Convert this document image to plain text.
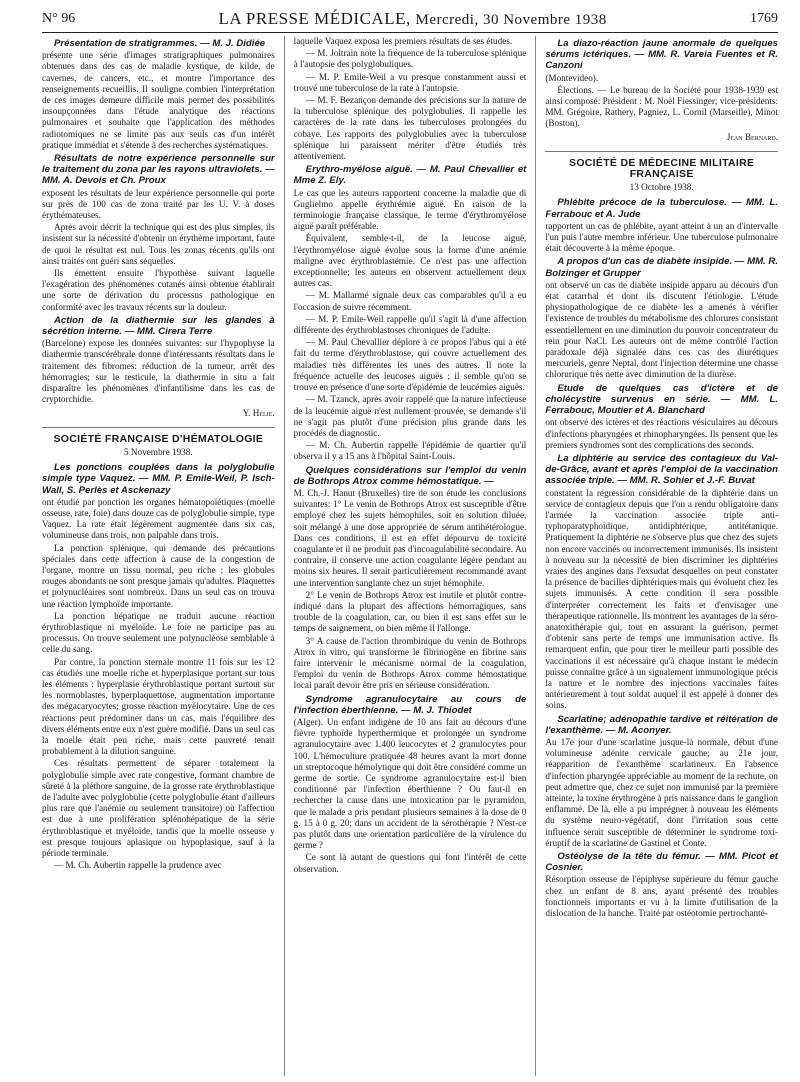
N° 96	LA PRESSE MÉDICALE, Mercredi, 30 Novembre 1938	1769
Présentation de stratigrammes. — M. J. Didiée

présente une série d'images stratigraphiques pulmonaires obtenues dans des cas de maladie kystique, de kilde, de cavernes, de cancers, etc., et montre l'importance des renseignements recueillis. Il souligne combien l'interprétation de ces images demeure difficile mais permet des possibilités insoupçonnées dans l'étude analytique des réactions pulmonaires et souhaite que l'application des méthodes radiotomiques ne se limite pas aux seuls cas d'un intérêt pratique immédiat et s'étende à des recherches systématiques.

Résultats de notre expérience personnelle sur le traitement du zona par les rayons ultraviolets. — MM. A. Devois et Ch. Proux

exposent les résultats de leur expérience personnelle qui porte sur près de 100 cas de zona traité par les U. V. à doses érythémateuses.

Après avoir décrit la technique qui est des plus simples, ils insistent sur la nécessité d'obtenir un érythème important, faute de quoi le résultat est nul. Tous les zonas récents qu'ils ont ainsi traités ont guéri sans séquelles.

Ils émettent ensuite l'hypothèse suivant laquelle l'exagération des phénomènes cutanés ainsi obtenue établirait une sorte de dérivation du processus pathologique en conformité avec les travaux récents sur la douleur.

Action de la diathermie sur les glandes à sécrétion interne. — MM. Cirera Terre

(Barcelone) expose les données suivantes: sur l'hypophyse la diathermie transcérébrale donne d'intéressants résultats dans le traitement des fibromes: réduction de la tumeur, arrêt des hémorragies; sur le testicule, la diathermie in situ a fait disparaître les phénomènes d'infantilisme dans les cas de cryptorchidie.

Y. Hélie.
SOCIÉTÉ FRANÇAISE D'HÉMATOLOGIE
5 Novembre 1938.
Les ponctions couplées dans la polyglobulie simple type Vaquez. — MM. P. Emile-Weil, P. Isch-Wall, S. Perlès et Asckenazy

ont étudié par ponction les organes hématopoïétiques (moelle osseuse, rate, foie) dans douze cas de polyglobulie simple, type Vaquez. La rate était légèrement augmentée dans six cas, volumineuse dans trois, non palpable dans trois.

La ponction splénique, qui demande des précautions spéciales dans cette affection à cause de la congestion de l'organe, montre un tissu normal, peu riche ; les globules rouges abondants ne sont presque jamais qu'adultes. Plaquettes et polynucléaires sont nombreux. Dans un seul cas on trouva une réaction lymphoïde importante.

La ponction hépatique ne traduit aucune réaction érythroblastique ni myéloïde. Le foie ne participe pas au processus. On trouve seulement une polynucléose semblable à celle du sang.

Par contre, la ponction sternale montre 11 fois sur les 12 cas étudiés une moelle riche et hyperplasique portant sur tous les éléments : hyperplasie érythroblastique portant surtout sur les normoblastes, hyperplaquettose, augmentation importante des mégacaryocytes; grosse réaction myélocytaire. Une de ces réactions peut prédominer dans un cas, mais l'équilibre des divers éléments entre eux n'est guère modifié. Dans un seul cas la moelle était peu riche, mais cette pauvreté tenait probablement à la dilution sanguine.

Ces résultats permettent de séparer totalement la polyglobulie simple avec rate congestive, formant chambre de sûreté à la pléthore sanguine, de la grosse rate érythroblastique de l'adulte avec polyglobulie (cette polyglobulie étant d'ailleurs plus rare que l'anémie ou seulement transitoire) où l'affection est due à une prolifération splénohépatique de la série érythroblastique et myéloïde, tandis que la moelle osseuse y est presque toujours aplasique ou hypoplasique, sauf à la période terminale.

— M. Ch. Aubertin rappelle la prudence avec

laquelle Vaquez exposa les premiers résultats de ses études.

— M. Joltrain note la fréquence de la tuberculose splénique à l'autopsie des polyglobuliques.

— M. P. Emile-Weil a vu presque constamment aussi et trouvé une tuberculose de la rate à l'autopsie.

— M. F. Bezançon demande des précisions sur la nature de la tuberculose splénique des polyglobulies. Il rappelle les caractères de la rate dans les tuberculoses prolongées du cobaye. Les rapports des polyglobulies avec la tuberculose splénique lui paraissent mériter d'être étudiés très attentivement.

Erythro-myélose aiguë. — M. Paul Chevallier et Mme Z. Ely.

Le cas que les auteurs rapportent concerne la maladie que di Guglielmo appelle érythrémie aiguë. En raison de la terminologie française classique, le terme d'érythromyélose aiguë paraît préférable.

Équivalent, semble-t-il, de la leucose aiguë, l'érythromyélose aiguë évolue sous la forme d'une anémie maligne avec érythroblastémie. Ce n'est pas une affection exceptionnelle; les auteurs en observent actuellement deux autres cas.

— M. Mallarmé signale deux cas comparables qu'il a eu l'occasion de suivre récemment.

— M. P. Emile-Weil rappelle qu'il s'agit là d'une affection différente des érythroblastoses chroniques de l'adulte.

— M. Paul Chevallier déplore à ce propos l'abus qui a été fait du terme d'érythroblastose, qui couvre actuellement des maladies très différentes les unes des autres. Il note la fréquence actuelle des leucoses aiguës ; il semble qu'on se trouve en présence d'une sorte d'épidémie de leucémies aiguës.

— M. Tzanck, après avoir rappelé que la nature infectieuse de la leucémie aiguë n'est nullement prouvée, se demande s'il ne s'agit pas plutôt d'une précision plus grande dans les procédés de diagnostic.

— M. Ch. Aubertin rappelle l'épidémie de quartier qu'il observa il y a 15 ans à l'hôpital Saint-Louis.

Quelques considérations sur l'emploi du venin de Bothrops Atrox comme hémostatique. —

M. Ch.-J. Hanut (Bruxelles) tire de son étude les conclusions suivantes: 1° Le venin de Bothrops Atrox est susceptible d'être employé chez les sujets hémophiles, soit en solution diluée, soit mélangé à une dose appropriée de sérum antihétérologue. Dans ces conditions, il est en effet dépourvu de toxicité coagulante et il ne produit pas d'incoagulabilité secondaire. Au contraire, il conserve une action coagulante légère pendant au moins six heures. Il serait particulièrement recommandé avant une intervention sanglante chez un sujet hémophile.

2° Le venin de Bothrops Atrox est inutile et plutôt contre-indiqué dans la plupart des affections hémorragiques, sans trouble de la coagulation, car, ou bien il est sans effet sur le temps de saignement, ou bien même il l'allonge.

3° A cause de l'action thrombinique du venin de Bothrops Atrox in vitro, qui transforme le fibrinogène en fibrine sans faire intervenir le mécanisme normal de la coagulation, l'emploi du venin de Bothrops Atrox comme hémostatique local paraît devoir être pris en sérieuse considération.

Syndrome agranulocytaire au cours de l'infection éberthienne. — M. J. Thiodet

(Alger). Un enfant indigène de 10 ans fait au décours d'une fièvre typhoïde hyperthermique et prolongée un syndrome agranulocytaire avec 1.400 leucocytes et 2 granulocytes pour 100. L'hémoculture pratiquée 48 heures avant la mort donne un streptocoque hémolytique qui doit être considéré comme un germe de sortie. Ce syndrome agranulocytaire est-il bien conditionné par l'infection éberthienne ? Ou faut-il en rechercher la cause dans une intoxication par le pyramidon, que le malade a pris pendant plusieurs semaines à la dose de 0 g. 15 à 0 g. 20; dans un accident de la sérothérapie ? N'est-ce pas plutôt dans une orientation particulière de la virulence du germe ?

Ce sont là autant de questions qui font l'intérêt de cette observation.

La diazo-réaction jaune anormale de quelques sérums ictériques. — MM. R. Vareia Fuentes et R. Canzoni

(Montevideo).

Élections. — Le bureau de la Société pour 1938-1939 est ainsi composé: Président : M. Noël Fiessinger; vice-présidents: MM. Grégoire, Rathery, Pagniez, L. Cornil (Marseille), Minot (Boston).

Jean Bernard.
SOCIÉTÉ DE MÉDECINE MILITAIRE FRANÇAISE
13 Octobre 1938.
Phlébite précoce de la tuberculose. — MM. L. Ferrabouc et A. Jude

rapportent un cas de phlébite, ayant atteint à un an d'intervalle l'un puis l'autre membre inférieur. Une tuberculose pulmonaire était découverte à la même époque.

A propos d'un cas de diabète insipide. — MM. R. Bolzinger et Grupper

ont observé un cas de diabète insipide apparu au décours d'un état catarrhal et dont ils discutent l'étiologie. L'étude physiopathologique de ce diabète les a amenés à vérifier l'existence de troubles du métabolisme des chlorures consistant essentiellement en une diminution du pouvoir concentrateur du rein pour NaCl. Les auteurs ont de même contrôlé l'action paradoxale déjà signalée dans ces cas des diurétiques mercuriels, genre Neptal, dont l'injection détermine une chasse chlorurique très nette avec diminution de la diurèse.

Etude de quelques cas d'ictère et de cholécystite survenus en série. — MM. L. Ferrabouc, Moutier et A. Blanchard

ont observé des ictères et des réactions vésiculaires au décours d'infections pharyngées et rhinopharyngées. Ils pensent que les premiers syndromes sont des complications des seconds.

La diphtérie au service des contagieux du Val-de-Grâce, avant et après l'emploi de la vaccination associée triple. — MM. R. Sohier et J.-F. Buvat

constatent la régression considérable de la diphtérie dans un service de contagieux depuis que l'on a rendu obligatoire dans l'armée la vaccination associée triple anti-typhoparatyphoïdique, antidiphtérique, antitétanique. Pratiquement la diphtérie ne s'observe plus que chez des sujets non encore vaccinés ou incorrectement immunisés. Ils insistent à nouveau sur la nécessité de bien discriminer les diphtéries vraies des angines dans l'exsudat desquelles on peut constater la présence de bacilles diphtériques mais qui évoluent chez les sujets immunisés. A cette condition il sera possible d'interpréter correctement les faits et d'envisager une thérapeutique rationnelle. Ils montrent les avantages de la séro-anatoxithérapie qui, tout en assurant la guérison, permet d'obtenir sans perte de temps une immunisation active. Ils remarquent enfin, que pour tirer le meilleur parti possible des vaccinations il est nécessaire qu'à chaque instant le médecin puisse connaître grâce à un signalement immunologique précis la nature et le nombre des injections vaccinales faites antérieurement à tout soldat auquel il est appelé à donner des soins.

Scarlatine; adénopathie tardive et réitération de l'exanthème. — M. Aconyer.

Au 17e jour d'une scarlatine jusque-là normale, début d'une volumineuse adénite cervicale gauche; au 21e jour, réapparition de l'exanthème scarlatineux. En l'absence d'infection pharyngée appréciable au moment de la rechute, on peut admettre que, chez ce sujet non immunisé par la première atteinte, la toxine érythrogène à pris naissance dans le ganglion enflammé. De là, elle a pu imprégner à nouveau les éléments du système neuro-végétatif, dont l'irritation sous cette influence serait susceptible de déterminer le syndrome toxi-éruptif de la scarlatine de Gastinel et Conte.

Ostéolyse de la tête du fémur. — MM. Picot et Cosnier.

Résorption osseuse de l'épiphyse supérieure du fémur gauche chez un enfant de 8 ans, ayant présenté des troubles fonctionnels importants et vu à la limite d'utilisation de la dislocation de la hanche. Traité par ostéotomie pertrochanté-
